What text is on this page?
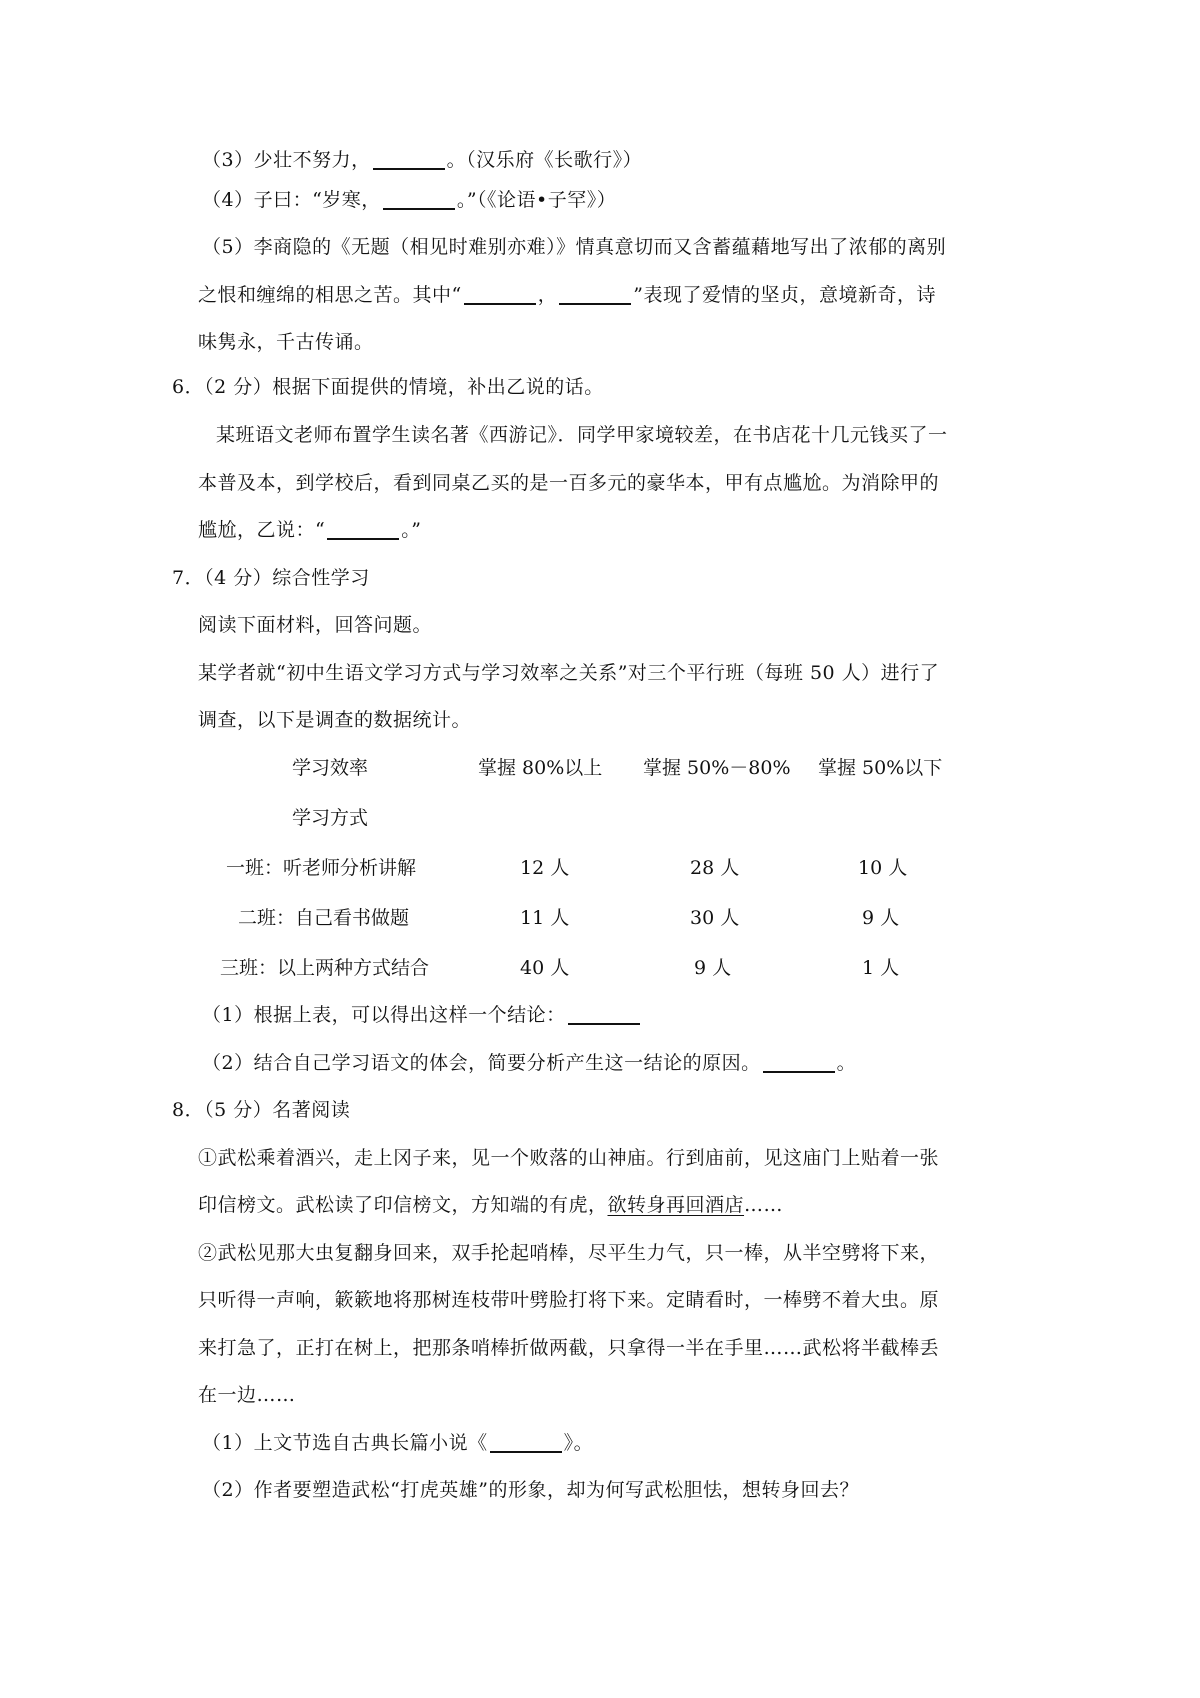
（3）少壮不努力，	。（汉乐府《长歌行》）
（4）子曰：“岁寒，	。”（《论语•子罕》）
（5）李商隐的《无题（相见时难别亦难）》情真意切而又含蓄蕴藉地写出了浓郁的离别
之恨和缠绵的相思之苦。其中“	，	”表现了爱情的坚贞，意境新奇，诗
味隽永，千古传诵。
6．（2 分）根据下面提供的情境，补出乙说的话。
某班语文老师布置学生读名著《西游记》．同学甲家境较差，在书店花十几元钱买了一
本普及本，到学校后，看到同桌乙买的是一百多元的豪华本，甲有点尴尬。为消除甲的
尴尬，乙说：“	。”
7．（4 分）综合性学习
阅读下面材料，回答问题。
某学者就“初中生语文学习方式与学习效率之关系”对三个平行班（每班 50 人）进行了
调查，以下是调查的数据统计。
学习效率	掌握 80%以上 掌握 50%－80% 掌握 50%以下
学习方式
一班：听老师分析讲解	12 人	28 人	10 人
二班：自己看书做题	11 人	30 人	9 人
三班：以上两种方式结合	40 人	9 人	1 人
（1）根据上表，可以得出这样一个结论：
（2）结合自己学习语文的体会，简要分析产生这一结论的原因。	。
8．（5 分）名著阅读
①武松乘着酒兴，走上冈子来，见一个败落的山神庙。行到庙前，见这庙门上贴着一张
印信榜文。武松读了印信榜文，方知端的有虎，欲转身再回酒店……
②武松见那大虫复翻身回来，双手抡起哨棒，尽平生力气，只一棒，从半空劈将下来，
只听得一声响，簌簌地将那树连枝带叶劈脸打将下来。定睛看时，一棒劈不着大虫。原
来打急了，正打在树上，把那条哨棒折做两截，只拿得一半在手里……武松将半截棒丢
在一边……
（1）上文节选自古典长篇小说《	》。
（2）作者要塑造武松“打虎英雄”的形象，却为何写武松胆怯，想转身回去？
